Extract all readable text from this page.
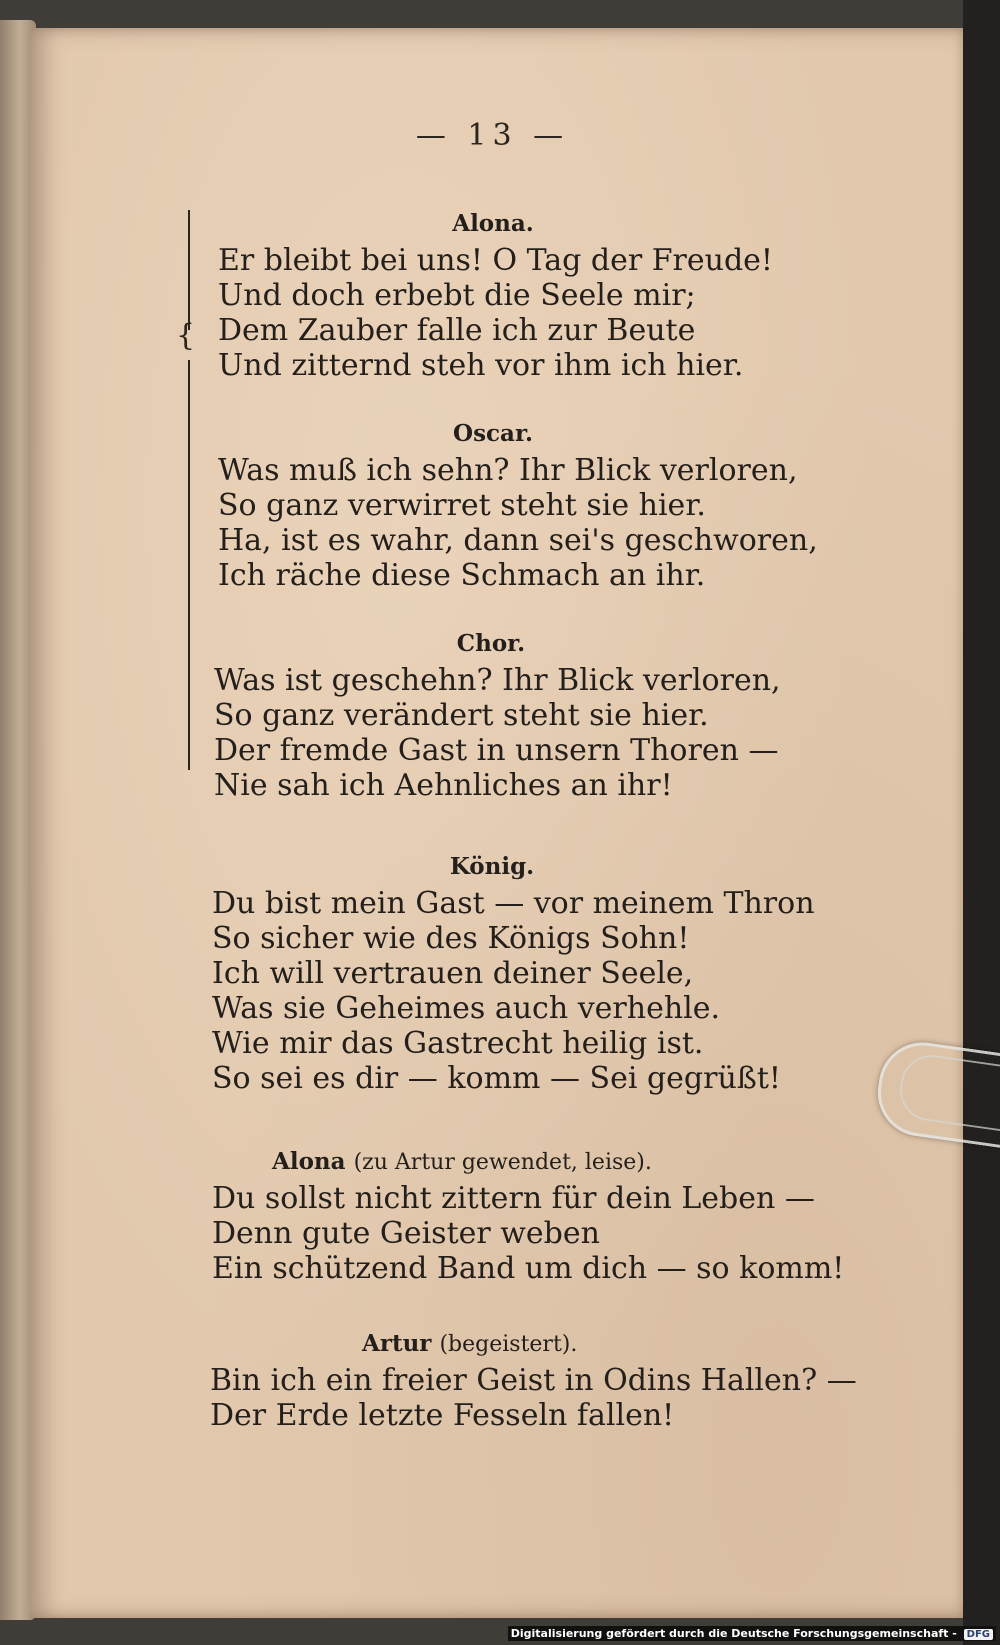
— 13 —
{
Alona.
Er bleibt bei uns! O Tag der Freude!
Und doch erbebt die Seele mir;
Dem Zauber falle ich zur Beute
Und zitternd steh vor ihm ich hier.
Oscar.
Was muß ich sehn? Ihr Blick verloren,
So ganz verwirret steht sie hier.
Ha, ist es wahr, dann sei's geschworen,
Ich räche diese Schmach an ihr.
Chor.
Was ist geschehn? Ihr Blick verloren,
So ganz verändert steht sie hier.
Der fremde Gast in unsern Thoren —
Nie sah ich Aehnliches an ihr!
König.
Du bist mein Gast — vor meinem Thron
So sicher wie des Königs Sohn!
Ich will vertrauen deiner Seele,
Was sie Geheimes auch verhehle.
Wie mir das Gastrecht heilig ist.
So sei es dir — komm — Sei gegrüßt!
Alona (zu Artur gewendet, leise).
Du sollst nicht zittern für dein Leben —
Denn gute Geister weben
Ein schützend Band um dich — so komm!
Artur (begeistert).
Bin ich ein freier Geist in Odins Hallen? —
Der Erde letzte Fesseln fallen!
Digitalisierung gefördert durch die Deutsche Forschungsgemeinschaft - DFG
